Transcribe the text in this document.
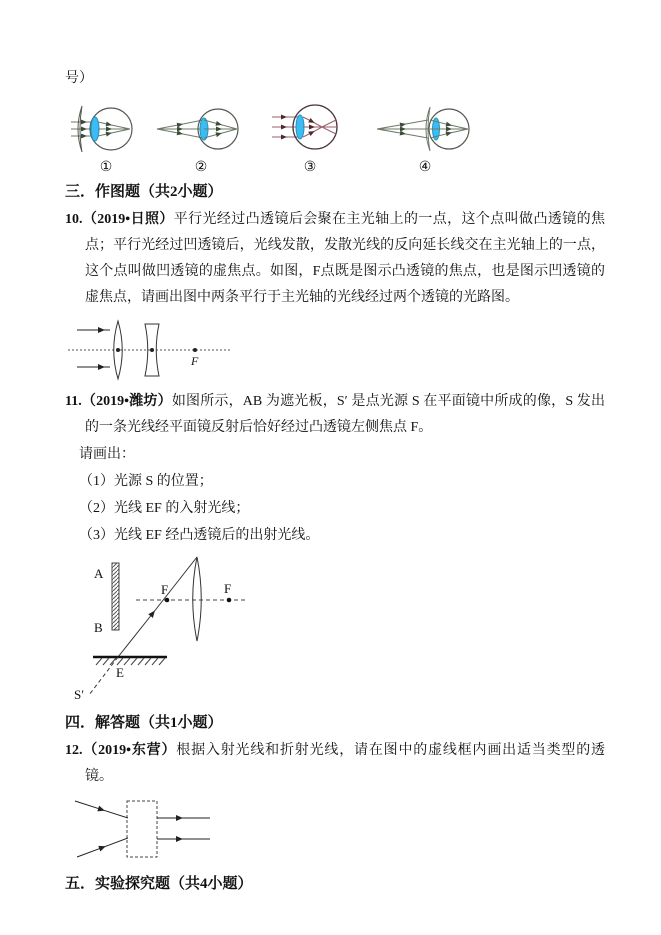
号）
①	②	③	④
三．作图题（共2小题）

10.（2019•日照）平行光经过凸透镜后会聚在主光轴上的一点，这个点叫做凸透镜的焦点；平行光经过凹透镜后，光线发散，发散光线的反向延长线交在主光轴上的一点，这个点叫做凹透镜的虚焦点。如图，F点既是图示凸透镜的焦点，也是图示凹透镜的虚焦点，请画出图中两条平行于主光轴的光线经过两个透镜的光路图。

F

11.（2019•潍坊）如图所示，AB 为遮光板，S′ 是点光源 S 在平面镜中所成的像，S 发出的一条光线经平面镜反射后恰好经过凸透镜左侧焦点 F。

请画出：

（1）光源 S 的位置；

（2）光线 EF 的入射光线；

（3）光线 EF 经凸透镜后的出射光线。

A
B
F	F
E
S′
四．解答题（共1小题）

12.（2019•东营）根据入射光线和折射光线，请在图中的虚线框内画出适当类型的透镜。

五．实验探究题（共4小题）
